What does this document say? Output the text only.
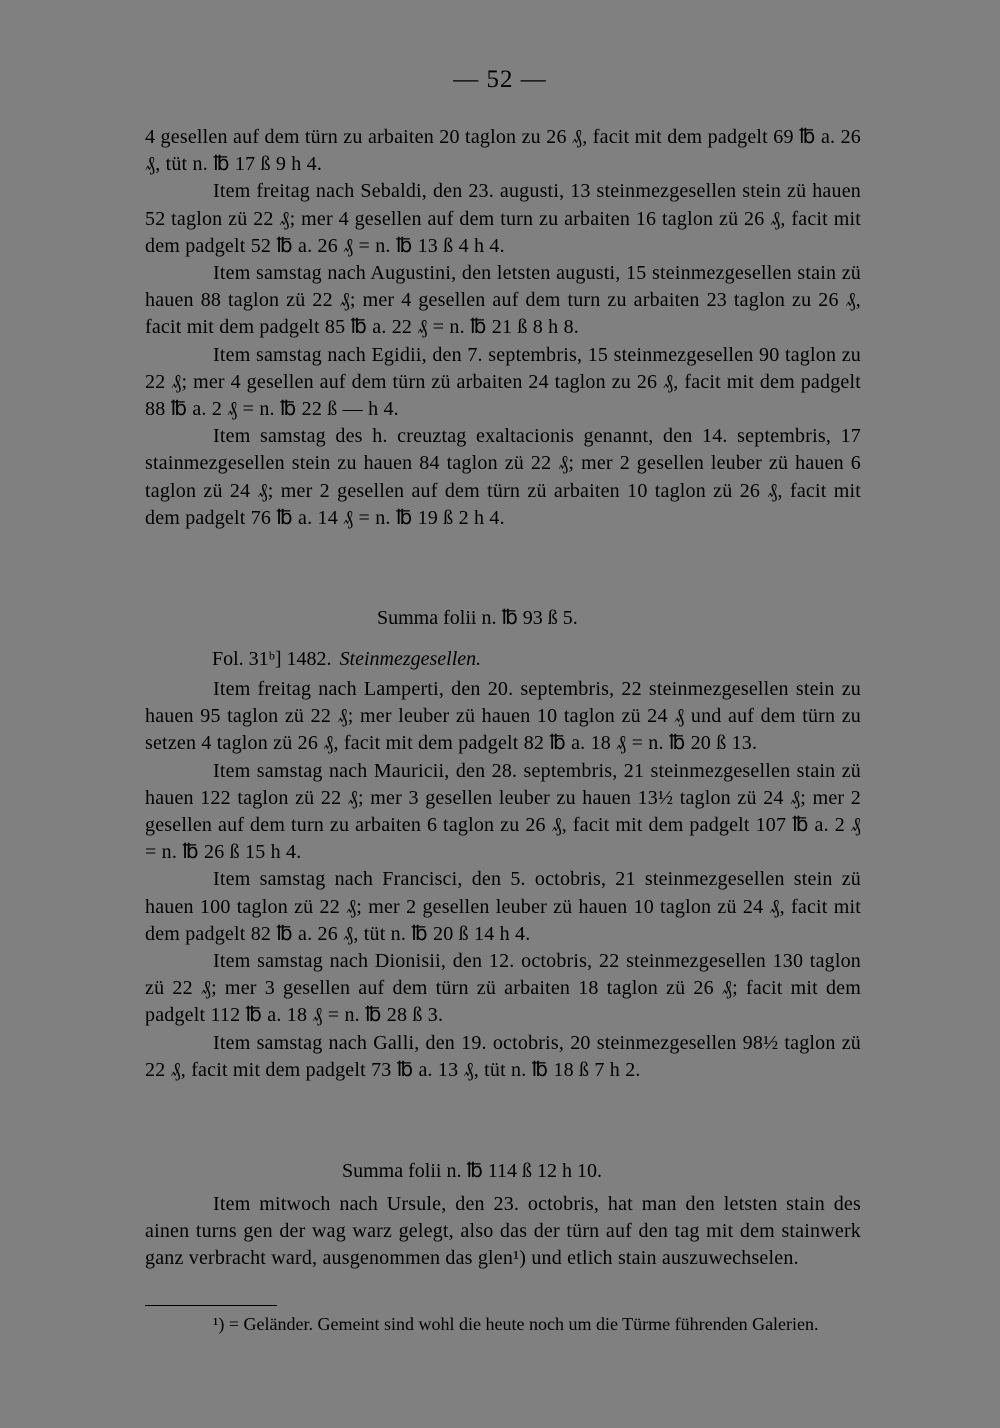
— 52 —

4 gesellen auf dem türn zu arbaiten 20 taglon zu 26 ₰, facit mit dem padgelt 69 ℔ a. 26 ₰, tüt n. ℔ 17 ß 9 h 4.

Item freitag nach Sebaldi, den 23. augusti, 13 steinmezgesellen stein zü hauen 52 taglon zü 22 ₰; mer 4 gesellen auf dem turn zu arbaiten 16 taglon zü 26 ₰, facit mit dem padgelt 52 ℔ a. 26 ₰ = n. ℔ 13 ß 4 h 4.

Item samstag nach Augustini, den letsten augusti, 15 steinmezgesellen stain zü hauen 88 taglon zü 22 ₰; mer 4 gesellen auf dem turn zu arbaiten 23 taglon zu 26 ₰, facit mit dem padgelt 85 ℔ a. 22 ₰ = n. ℔ 21 ß 8 h 8.

Item samstag nach Egidii, den 7. septembris, 15 steinmezgesellen 90 taglon zu 22 ₰; mer 4 gesellen auf dem türn zü arbaiten 24 taglon zu 26 ₰, facit mit dem padgelt 88 ℔ a. 2 ₰ = n. ℔ 22 ß — h 4.

Item samstag des h. creuztag exaltacionis genannt, den 14. septembris, 17 stainmezgesellen stein zu hauen 84 taglon zü 22 ₰; mer 2 gesellen leuber zü hauen 6 taglon zü 24 ₰; mer 2 gesellen auf dem türn zü arbaiten 10 taglon zü 26 ₰, facit mit dem padgelt 76 ℔ a. 14 ₰ = n. ℔ 19 ß 2 h 4.

Summa folii n. ℔ 93 ß 5.
Fol. 31ᵇ] 1482. Steinmezgesellen.

Item freitag nach Lamperti, den 20. septembris, 22 steinmezgesellen stein zu hauen 95 taglon zü 22 ₰; mer leuber zü hauen 10 taglon zü 24 ₰ und auf dem türn zu setzen 4 taglon zü 26 ₰, facit mit dem padgelt 82 ℔ a. 18 ₰ = n. ℔ 20 ß 13.

Item samstag nach Mauricii, den 28. septembris, 21 steinmezgesellen stain zü hauen 122 taglon zü 22 ₰; mer 3 gesellen leuber zu hauen 13½ taglon zü 24 ₰; mer 2 gesellen auf dem turn zu arbaiten 6 taglon zu 26 ₰, facit mit dem padgelt 107 ℔ a. 2 ₰ = n. ℔ 26 ß 15 h 4.

Item samstag nach Francisci, den 5. octobris, 21 steinmezgesellen stein zü hauen 100 taglon zü 22 ₰; mer 2 gesellen leuber zü hauen 10 taglon zü 24 ₰, facit mit dem padgelt 82 ℔ a. 26 ₰, tüt n. ℔ 20 ß 14 h 4.

Item samstag nach Dionisii, den 12. octobris, 22 steinmezgesellen 130 taglon zü 22 ₰; mer 3 gesellen auf dem türn zü arbaiten 18 taglon zü 26 ₰; facit mit dem padgelt 112 ℔ a. 18 ₰ = n. ℔ 28 ß 3.

Item samstag nach Galli, den 19. octobris, 20 steinmezgesellen 98½ taglon zü 22 ₰, facit mit dem padgelt 73 ℔ a. 13 ₰, tüt n. ℔ 18 ß 7 h 2.

Summa folii n. ℔ 114 ß 12 h 10.

Item mitwoch nach Ursule, den 23. octobris, hat man den letsten stain des ainen turns gen der wag warz gelegt, also das der türn auf den tag mit dem stainwerk ganz verbracht ward, ausgenommen das glen¹) und etlich stain auszuwechselen.

¹) = Geländer. Gemeint sind wohl die heute noch um die Türme führenden Galerien.
